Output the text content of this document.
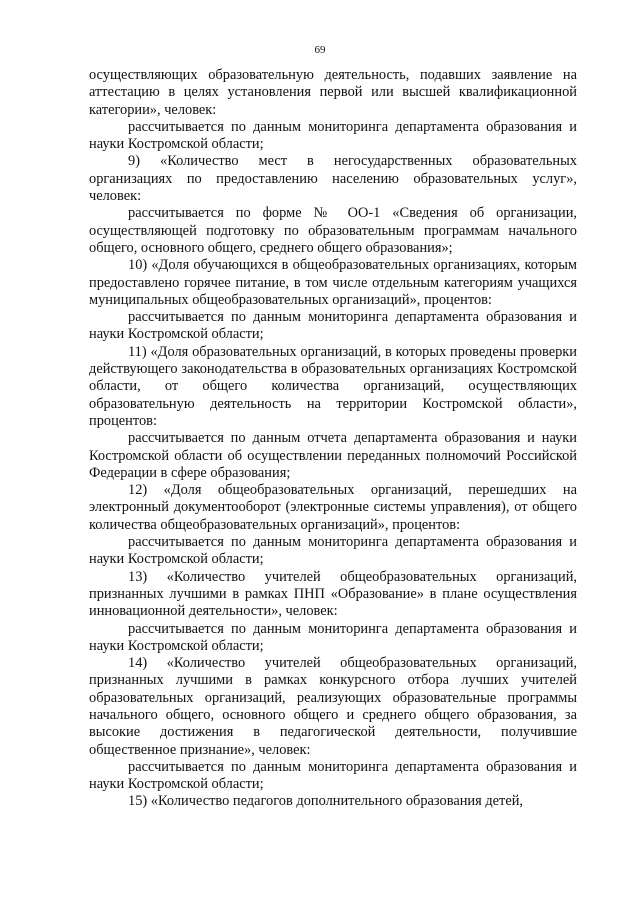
69

осуществляющих образовательную деятельность, подавших заявление на аттестацию в целях установления первой или высшей квалификационной категории», человек:

рассчитывается по данным мониторинга департамента образования и науки Костромской области;

9) «Количество мест в негосударственных образовательных организациях по предоставлению населению образовательных услуг», человек:

рассчитывается по форме № ОО-1 «Сведения об организации, осуществляющей подготовку по образовательным программам начального общего, основного общего, среднего общего образования»;

10) «Доля обучающихся в общеобразовательных организациях, которым предоставлено горячее питание, в том числе отдельным категориям учащихся муниципальных общеобразовательных организаций», процентов:

рассчитывается по данным мониторинга департамента образования и науки Костромской области;

11) «Доля образовательных организаций, в которых проведены проверки действующего законодательства в образовательных организациях Костромской области, от общего количества организаций, осуществляющих образовательную деятельность на территории Костромской области», процентов:

рассчитывается по данным отчета департамента образования и науки Костромской области об осуществлении переданных полномочий Российской Федерации в сфере образования;

12) «Доля общеобразовательных организаций, перешедших на электронный документооборот (электронные системы управления), от общего количества общеобразовательных организаций», процентов:

рассчитывается по данным мониторинга департамента образования и науки Костромской области;

13) «Количество учителей общеобразовательных организаций, признанных лучшими в рамках ПНП «Образование» в плане осуществления инновационной деятельности», человек:

рассчитывается по данным мониторинга департамента образования и науки Костромской области;

14) «Количество учителей общеобразовательных организаций, признанных лучшими в рамках конкурсного отбора лучших учителей образовательных организаций, реализующих образовательные программы начального общего, основного общего и среднего общего образования, за высокие достижения в педагогической деятельности, получившие общественное признание», человек:

рассчитывается по данным мониторинга департамента образования и науки Костромской области;

15) «Количество педагогов дополнительного образования детей,
